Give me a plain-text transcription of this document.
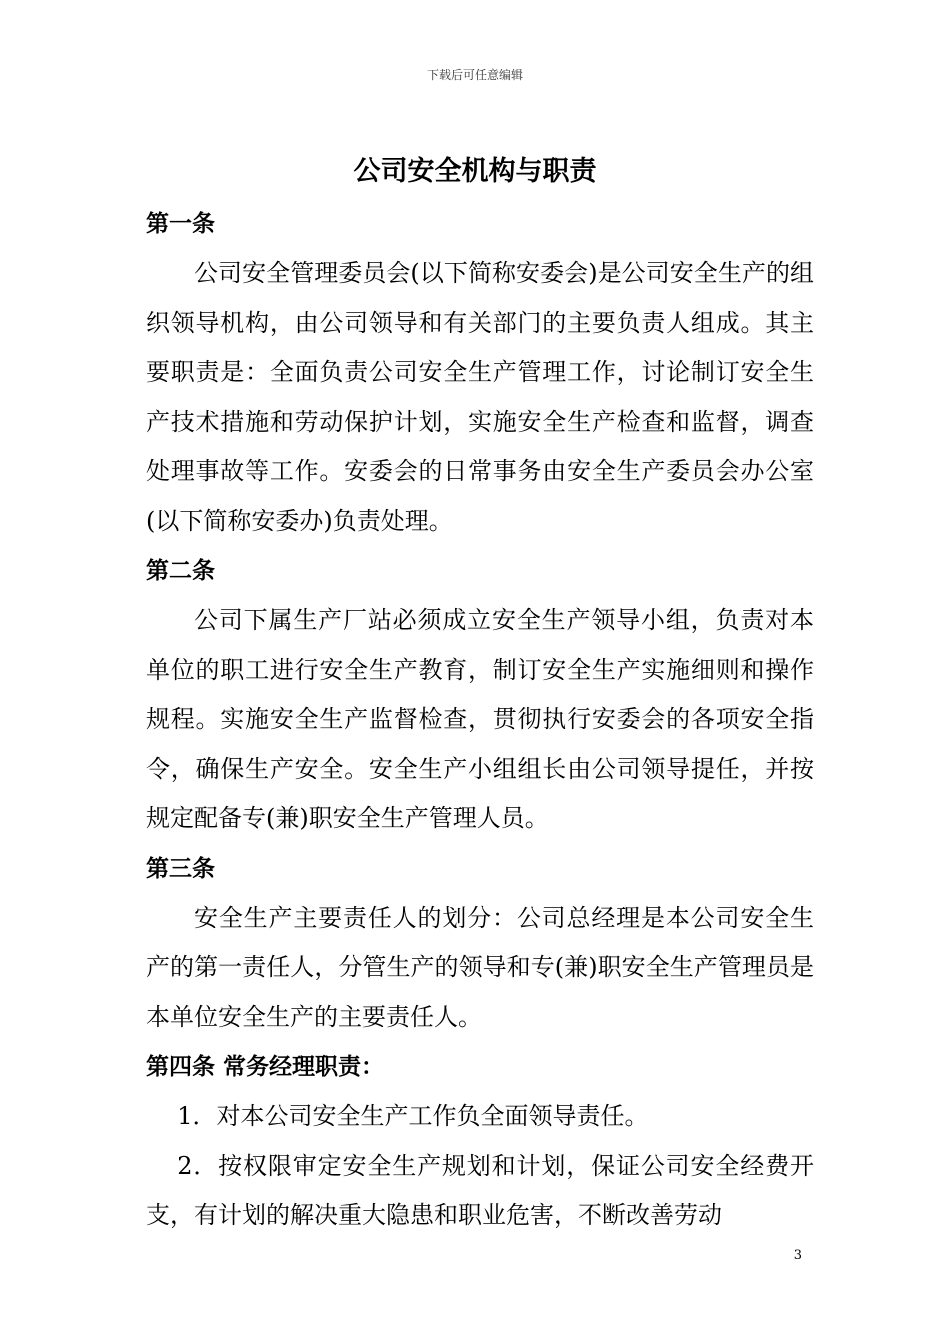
下载后可任意编辑
公司安全机构与职责

第一条

公司安全管理委员会(以下简称安委会)是公司安全生产的组织领导机构，由公司领导和有关部门的主要负责人组成。其主要职责是：全面负责公司安全生产管理工作，讨论制订安全生产技术措施和劳动保护计划，实施安全生产检查和监督，调查处理事故等工作。安委会的日常事务由安全生产委员会办公室(以下简称安委办)负责处理。

第二条

公司下属生产厂站必须成立安全生产领导小组，负责对本单位的职工进行安全生产教育，制订安全生产实施细则和操作规程。实施安全生产监督检查，贯彻执行安委会的各项安全指令，确保生产安全。安全生产小组组长由公司领导提任，并按规定配备专(兼)职安全生产管理人员。

第三条

安全生产主要责任人的划分：公司总经理是本公司安全生产的第一责任人，分管生产的领导和专(兼)职安全生产管理员是本单位安全生产的主要责任人。

第四条 常务经理职责：

1．对本公司安全生产工作负全面领导责任。

2．按权限审定安全生产规划和计划，保证公司安全经费开支，有计划的解决重大隐患和职业危害，不断改善劳动

3
